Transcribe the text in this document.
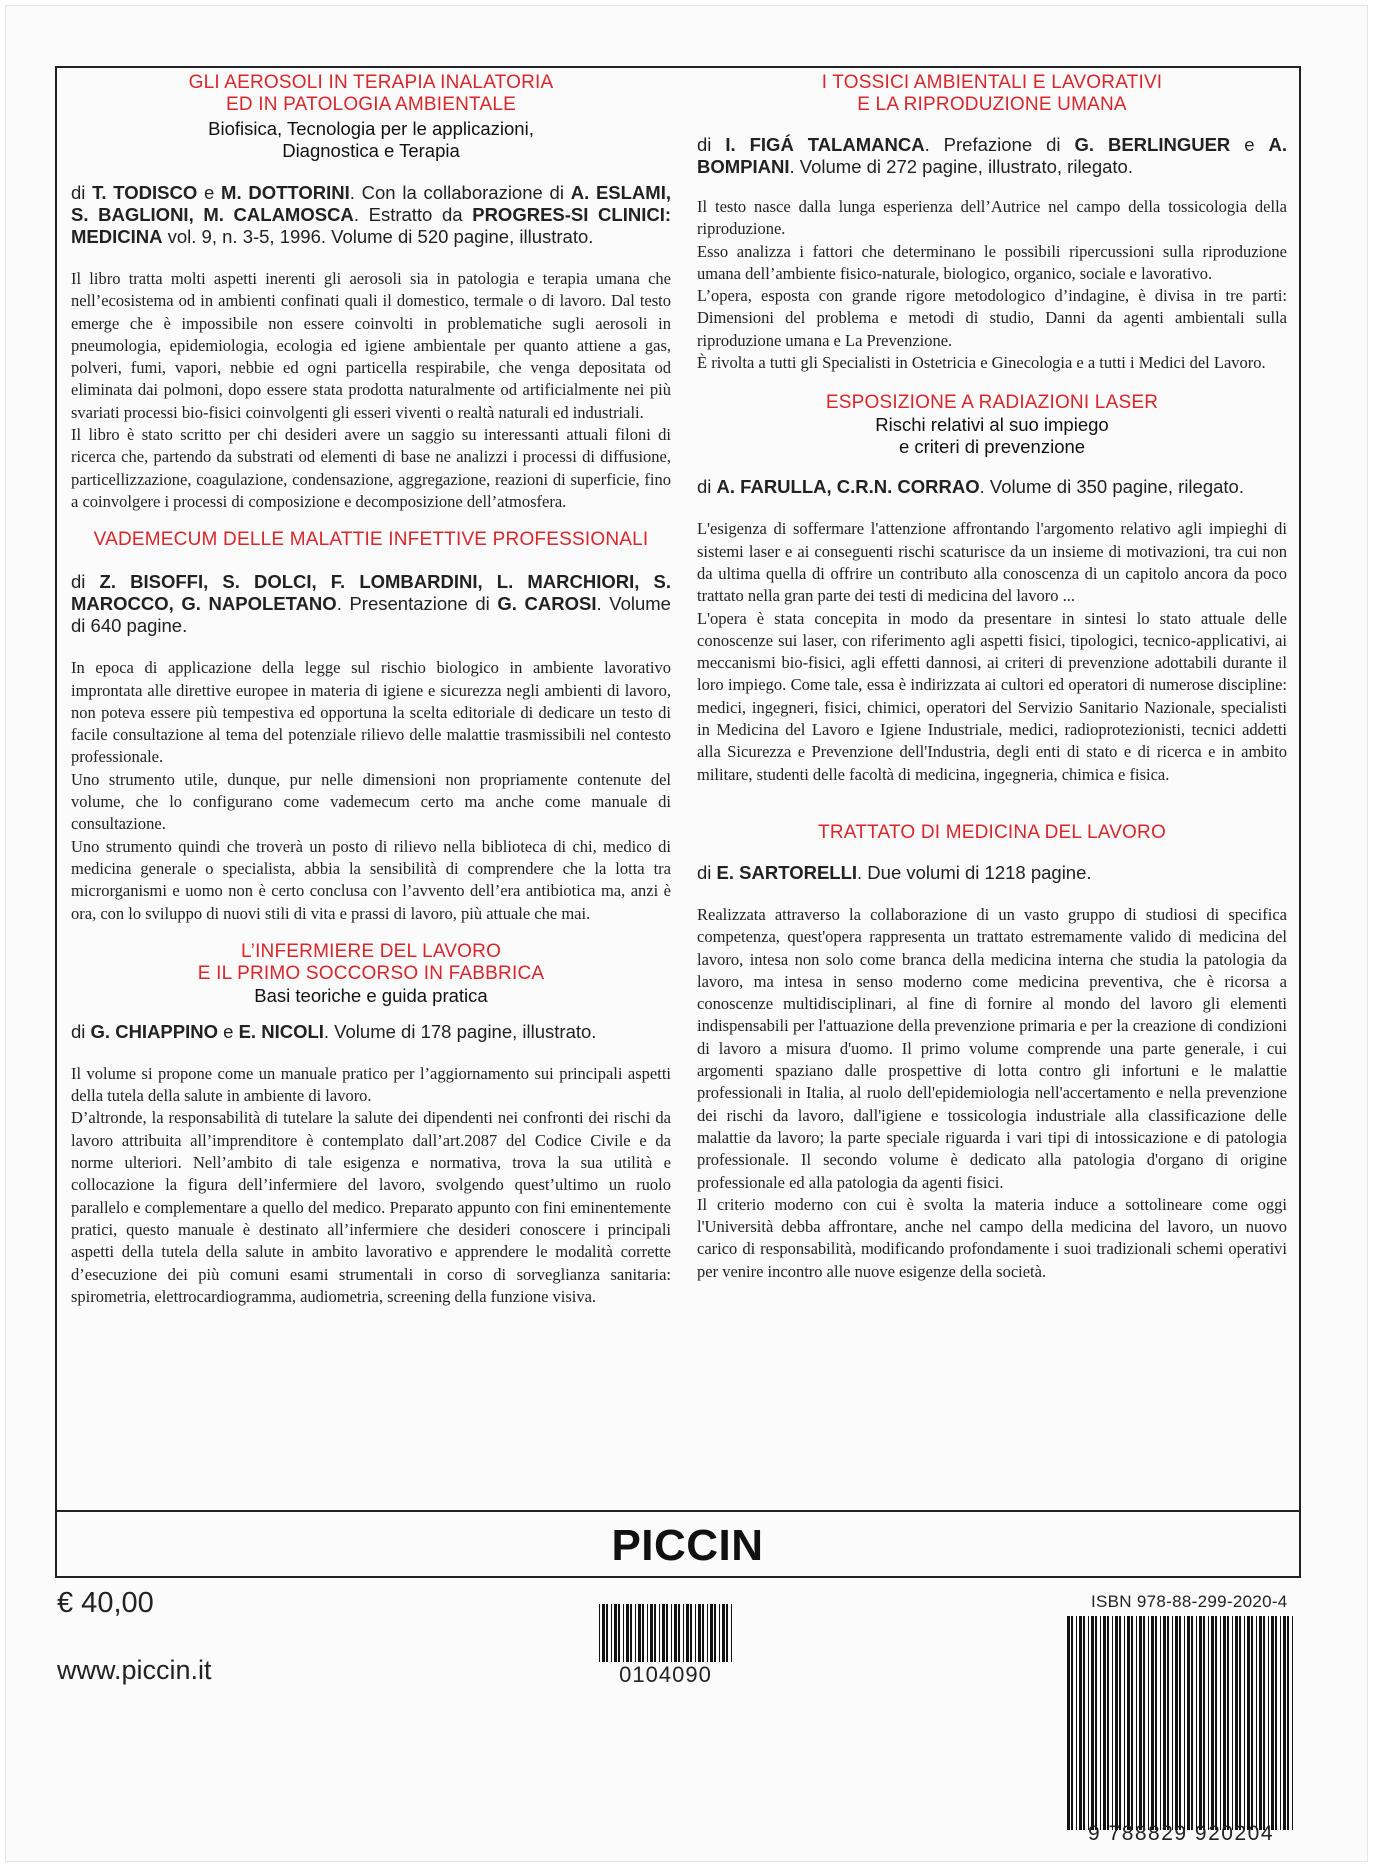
GLI AEROSOLI IN TERAPIA INALATORIA
ED IN PATOLOGIA AMBIENTALE
Biofisica, Tecnologia per le applicazioni,
Diagnostica e Terapia
di T. TODISCO e M. DOTTORINI. Con la collaborazione di A. ESLAMI, S. BAGLIONI, M. CALAMOSCA. Estratto da PROGRES-SI CLINICI: MEDICINA vol. 9, n. 3-5, 1996. Volume di 520 pagine, illustrato.
Il libro tratta molti aspetti inerenti gli aerosoli sia in patologia e terapia umana che nell’ecosistema od in ambienti confinati quali il domestico, termale o di lavoro. Dal testo emerge che è impossibile non essere coinvolti in problematiche sugli aerosoli in pneumologia, epidemiologia, ecologia ed igiene ambientale per quanto attiene a gas, polveri, fumi, vapori, nebbie ed ogni particella respirabile, che venga depositata od eliminata dai polmoni, dopo essere stata prodotta naturalmente od artificialmente nei più svariati processi bio-fisici coinvolgenti gli esseri viventi o realtà naturali ed industriali.
Il libro è stato scritto per chi desideri avere un saggio su interessanti attuali filoni di ricerca che, partendo da substrati od elementi di base ne analizzi i processi di diffusione, particellizzazione, coagulazione, condensazione, aggregazione, reazioni di superficie, fino a coinvolgere i processi di composizione e decomposizione dell’atmosfera.
VADEMECUM DELLE MALATTIE INFETTIVE PROFESSIONALI
di Z. BISOFFI, S. DOLCI, F. LOMBARDINI, L. MARCHIORI, S. MAROCCO, G. NAPOLETANO. Presentazione di G. CAROSI. Volume di 640 pagine.
In epoca di applicazione della legge sul rischio biologico in ambiente lavorativo improntata alle direttive europee in materia di igiene e sicurezza negli ambienti di lavoro, non poteva essere più tempestiva ed opportuna la scelta editoriale di dedicare un testo di facile consultazione al tema del potenziale rilievo delle malattie trasmissibili nel contesto professionale.
Uno strumento utile, dunque, pur nelle dimensioni non propriamente contenute del volume, che lo configurano come vademecum certo ma anche come manuale di consultazione.
Uno strumento quindi che troverà un posto di rilievo nella biblioteca di chi, medico di medicina generale o specialista, abbia la sensibilità di comprendere che la lotta tra microrganismi e uomo non è certo conclusa con l’avvento dell’era antibiotica ma, anzi è ora, con lo sviluppo di nuovi stili di vita e prassi di lavoro, più attuale che mai.
L’INFERMIERE DEL LAVORO
E IL PRIMO SOCCORSO IN FABBRICA
Basi teoriche e guida pratica
di G. CHIAPPINO e E. NICOLI. Volume di 178 pagine, illustrato.
Il volume si propone come un manuale pratico per l’aggiornamento sui principali aspetti della tutela della salute in ambiente di lavoro.
D’altronde, la responsabilità di tutelare la salute dei dipendenti nei confronti dei rischi da lavoro attribuita all’imprenditore è contemplato dall’art.2087 del Codice Civile e da norme ulteriori. Nell’ambito di tale esigenza e normativa, trova la sua utilità e collocazione la figura dell’infermiere del lavoro, svolgendo quest’ultimo un ruolo parallelo e complementare a quello del medico. Preparato appunto con fini eminentemente pratici, questo manuale è destinato all’infermiere che desideri conoscere i principali aspetti della tutela della salute in ambito lavorativo e apprendere le modalità corrette d’esecuzione dei più comuni esami strumentali in corso di sorveglianza sanitaria: spirometria, elettrocardiogramma, audiometria, screening della funzione visiva.
I TOSSICI AMBIENTALI E LAVORATIVI
E LA RIPRODUZIONE UMANA
di I. FIGÁ TALAMANCA. Prefazione di G. BERLINGUER e A. BOMPIANI. Volume di 272 pagine, illustrato, rilegato.
Il testo nasce dalla lunga esperienza dell’Autrice nel campo della tossicologia della riproduzione.
Esso analizza i fattori che determinano le possibili ripercussioni sulla riproduzione umana dell’ambiente fisico-naturale, biologico, organico, sociale e lavorativo.
L’opera, esposta con grande rigore metodologico d’indagine, è divisa in tre parti: Dimensioni del problema e metodi di studio, Danni da agenti ambientali sulla riproduzione umana e La Prevenzione.
È rivolta a tutti gli Specialisti in Ostetricia e Ginecologia e a tutti i Medici del Lavoro.
ESPOSIZIONE A RADIAZIONI LASER
Rischi relativi al suo impiego
e criteri di prevenzione
di A. FARULLA, C.R.N. CORRAO. Volume di 350 pagine, rilegato.
L'esigenza di soffermare l'attenzione affrontando l'argomento relativo agli impieghi di sistemi laser e ai conseguenti rischi scaturisce da un insieme di motivazioni, tra cui non da ultima quella di offrire un contributo alla conoscenza di un capitolo ancora da poco trattato nella gran parte dei testi di medicina del lavoro ...
L'opera è stata concepita in modo da presentare in sintesi lo stato attuale delle conoscenze sui laser, con riferimento agli aspetti fisici, tipologici, tecnico-applicativi, ai meccanismi bio-fisici, agli effetti dannosi, ai criteri di prevenzione adottabili durante il loro impiego. Come tale, essa è indirizzata ai cultori ed operatori di numerose discipline: medici, ingegneri, fisici, chimici, operatori del Servizio Sanitario Nazionale, specialisti in Medicina del Lavoro e Igiene Industriale, medici, radioprotezionisti, tecnici addetti alla Sicurezza e Prevenzione dell'Industria, degli enti di stato e di ricerca e in ambito militare, studenti delle facoltà di medicina, ingegneria, chimica e fisica.
TRATTATO DI MEDICINA DEL LAVORO
di E. SARTORELLI. Due volumi di 1218 pagine.
Realizzata attraverso la collaborazione di un vasto gruppo di studiosi di specifica competenza, quest'opera rappresenta un trattato estremamente valido di medicina del lavoro, intesa non solo come branca della medicina interna che studia la patologia da lavoro, ma intesa in senso moderno come medicina preventiva, che è ricorsa a conoscenze multidisciplinari, al fine di fornire al mondo del lavoro gli elementi indispensabili per l'attuazione della prevenzione primaria e per la creazione di condizioni di lavoro a misura d'uomo. Il primo volume comprende una parte generale, i cui argomenti spaziano dalle prospettive di lotta contro gli infortuni e le malattie professionali in Italia, al ruolo dell'epidemiologia nell'accertamento e nella prevenzione dei rischi da lavoro, dall'igiene e tossicologia industriale alla classificazione delle malattie da lavoro; la parte speciale riguarda i vari tipi di intossicazione e di patologia professionale. Il secondo volume è dedicato alla patologia d'organo di origine professionale ed alla patologia da agenti fisici.
Il criterio moderno con cui è svolta la materia induce a sottolineare come oggi l'Università debba affrontare, anche nel campo della medicina del lavoro, un nuovo carico di responsabilità, modificando profondamente i suoi tradizionali schemi operativi per venire incontro alle nuove esigenze della società.
PICCIN
€ 40,00
www.piccin.it	0104090
ISBN 978-88-299-2020-4
9 788829 920204
